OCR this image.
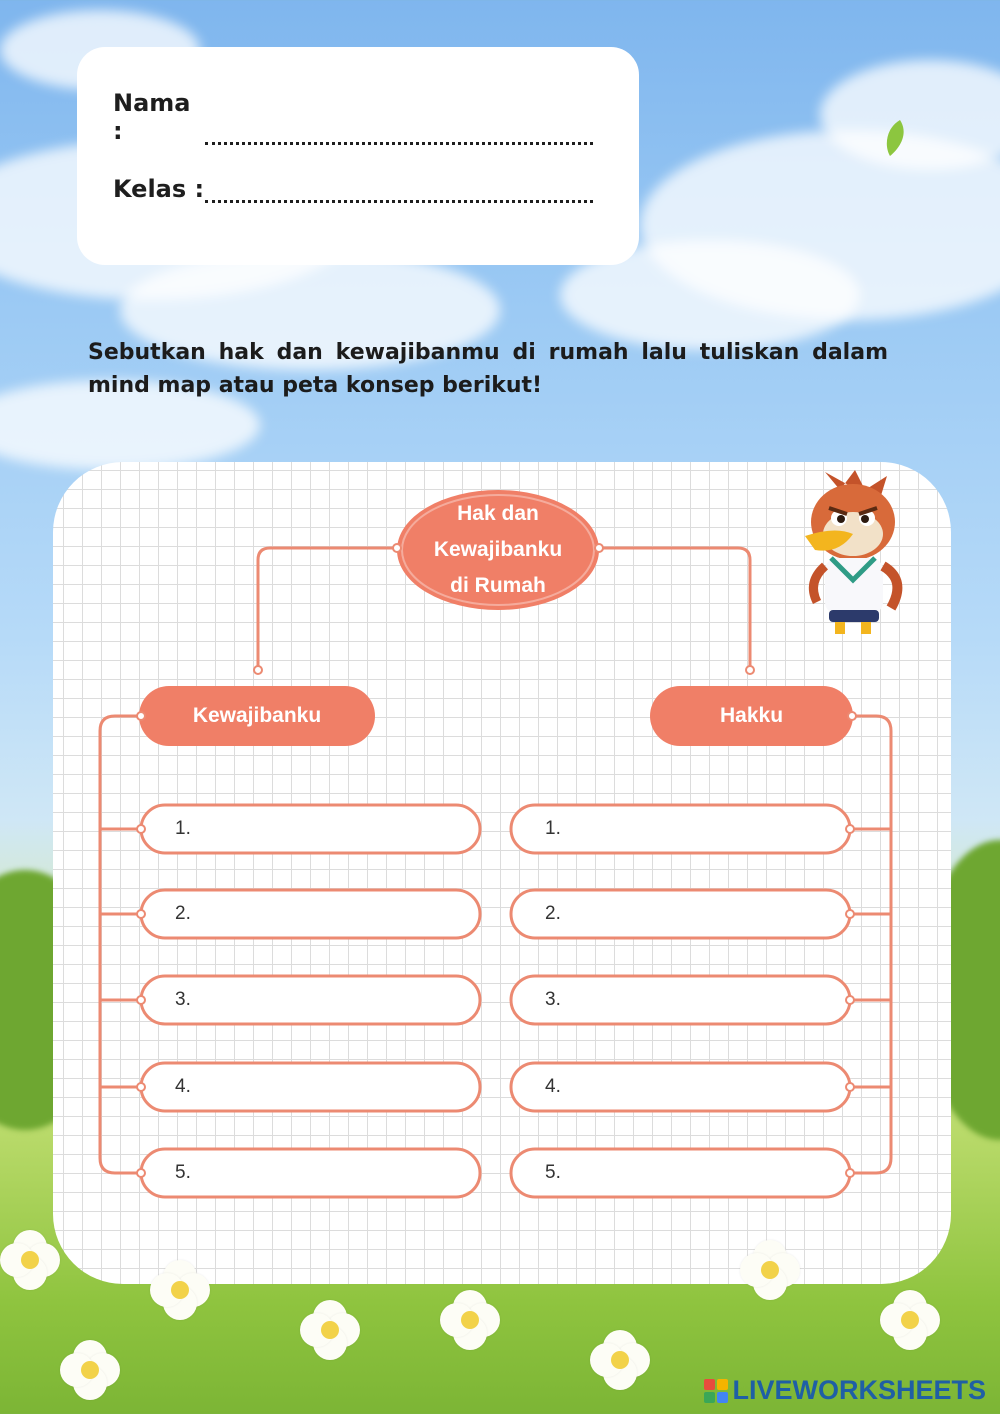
Nama :
Kelas :
Sebutkan hak dan kewajibanmu di rumah lalu tuliskan dalam mind map atau peta konsep berikut!
Hak dan
Kewajibanku
di Rumah
Kewajibanku	Hakku
1.
2.
3.
4.
5.
1.
2.
3.
4.
5.
LIVEWORKSHEETS
